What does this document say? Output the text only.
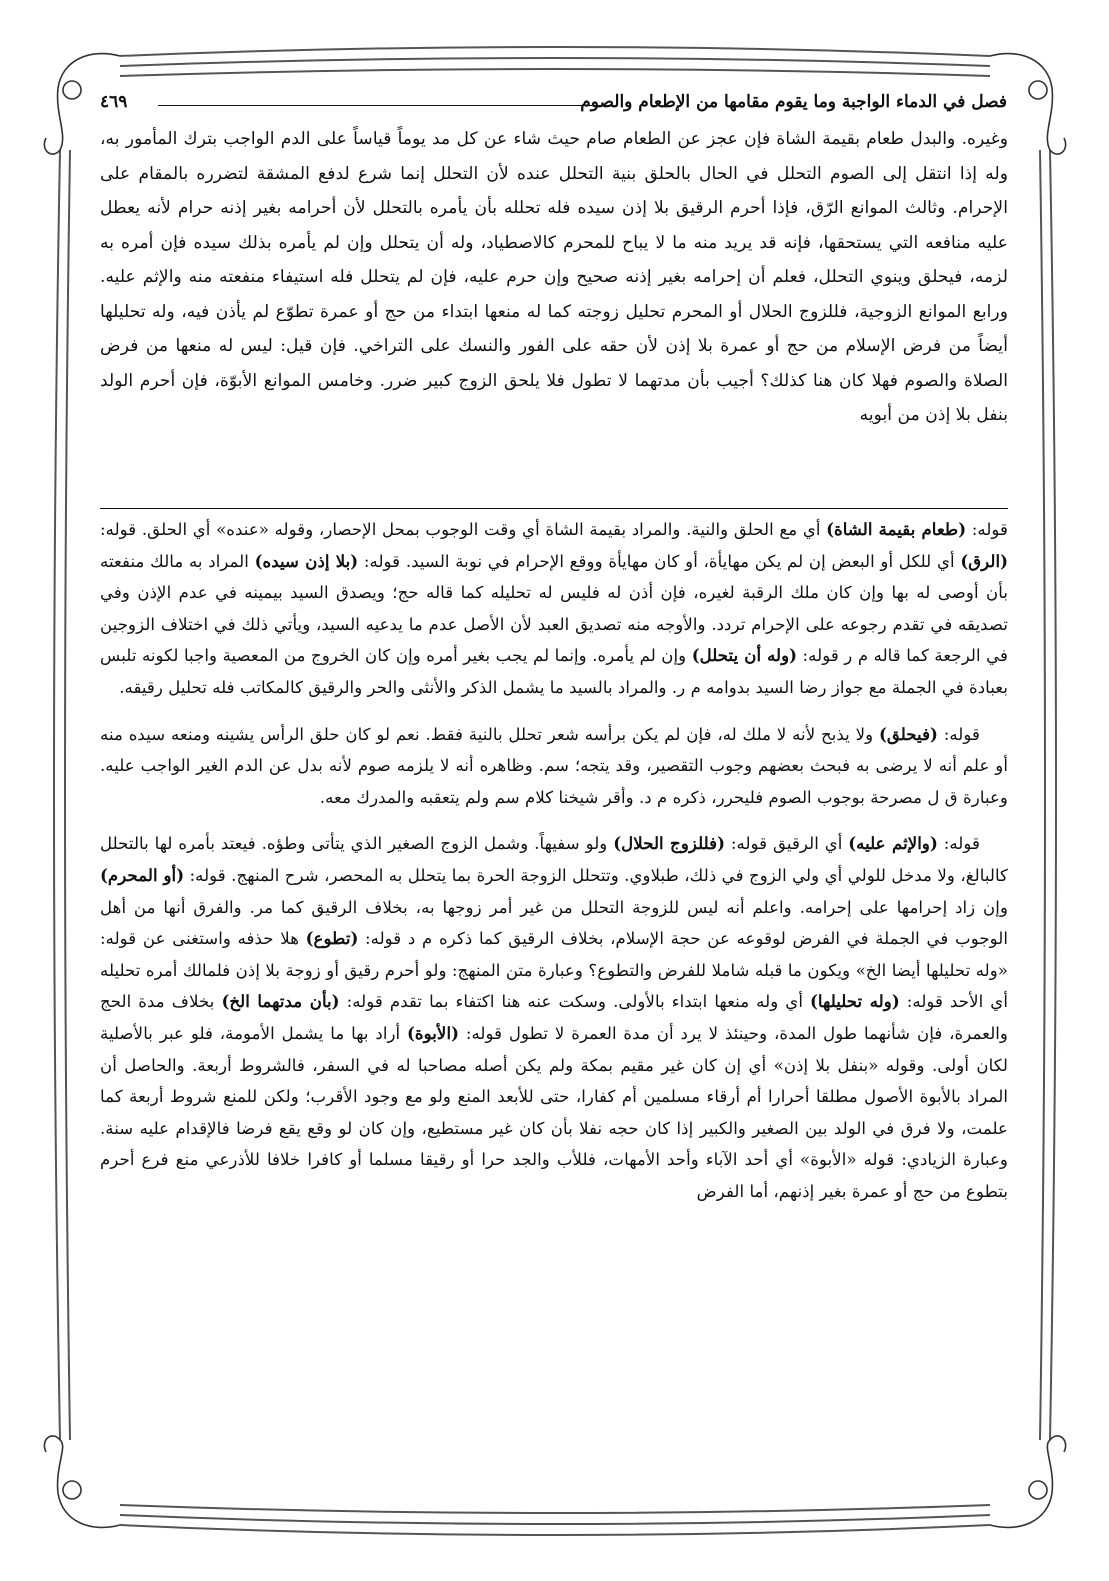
فصل في الدماء الواجبة وما يقوم مقامها من الإطعام والصوم
٤٦٩

وغيره. والبدل طعام بقيمة الشاة فإن عجز عن الطعام صام حيث شاء عن كل مد يوماً قياساً على الدم الواجب بترك المأمور به، وله إذا انتقل إلى الصوم التحلل في الحال بالحلق بنية التحلل عنده لأن التحلل إنما شرع لدفع المشقة لتضرره بالمقام على الإحرام. وثالث الموانع الرّق، فإذا أحرم الرقيق بلا إذن سيده فله تحلله بأن يأمره بالتحلل لأن أحرامه بغير إذنه حرام لأنه يعطل عليه منافعه التي يستحقها، فإنه قد يريد منه ما لا يباح للمحرم كالاصطياد، وله أن يتحلل وإن لم يأمره بذلك سيده فإن أمره به لزمه، فيحلق وينوي التحلل، فعلم أن إحرامه بغير إذنه صحيح وإن حرم عليه، فإن لم يتحلل فله استيفاء منفعته منه والإثم عليه. ورابع الموانع الزوجية، فللزوج الحلال أو المحرم تحليل زوجته كما له منعها ابتداء من حج أو عمرة تطوّع لم يأذن فيه، وله تحليلها أيضاً من فرض الإسلام من حج أو عمرة بلا إذن لأن حقه على الفور والنسك على التراخي. فإن قيل: ليس له منعها من فرض الصلاة والصوم فهلا كان هنا كذلك؟ أجيب بأن مدتهما لا تطول فلا يلحق الزوج كبير ضرر. وخامس الموانع الأبوّة، فإن أحرم الولد بنفل بلا إذن من أبويه

قوله: (طعام بقيمة الشاة) أي مع الحلق والنية. والمراد بقيمة الشاة أي وقت الوجوب بمحل الإحصار، وقوله «عنده» أي الحلق. قوله: (الرق) أي للكل أو البعض إن لم يكن مهايأة، أو كان مهايأة ووقع الإحرام في نوبة السيد. قوله: (بلا إذن سيده) المراد به مالك منفعته بأن أوصى له بها وإن كان ملك الرقبة لغيره، فإن أذن له فليس له تحليله كما قاله حج؛ ويصدق السيد بيمينه في عدم الإذن وفي تصديقه في تقدم رجوعه على الإحرام تردد. والأوجه منه تصديق العبد لأن الأصل عدم ما يدعيه السيد، ويأتي ذلك في اختلاف الزوجين في الرجعة كما قاله م ر قوله: (وله أن يتحلل) وإن لم يأمره. وإنما لم يجب بغير أمره وإن كان الخروج من المعصية واجبا لكونه تلبس بعبادة في الجملة مع جواز رضا السيد بدوامه م ر. والمراد بالسيد ما يشمل الذكر والأنثى والحر والرقيق كالمكاتب فله تحليل رقيقه.

قوله: (فيحلق) ولا يذبح لأنه لا ملك له، فإن لم يكن برأسه شعر تحلل بالنية فقط. نعم لو كان حلق الرأس يشينه ومنعه سيده منه أو علم أنه لا يرضى به فبحث بعضهم وجوب التقصير، وقد يتجه؛ سم. وظاهره أنه لا يلزمه صوم لأنه بدل عن الدم الغير الواجب عليه. وعبارة ق ل مصرحة بوجوب الصوم فليحرر، ذكره م د. وأقر شيخنا كلام سم ولم يتعقبه والمدرك معه.

قوله: (والإثم عليه) أي الرقيق قوله: (فللزوج الحلال) ولو سفيهاً. وشمل الزوج الصغير الذي يتأتى وطؤه. فيعتد بأمره لها بالتحلل كالبالغ، ولا مدخل للولي أي ولي الزوج في ذلك، طبلاوي. وتتحلل الزوجة الحرة بما يتحلل به المحصر، شرح المنهج. قوله: (أو المحرم) وإن زاد إحرامها على إحرامه. واعلم أنه ليس للزوجة التحلل من غير أمر زوجها به، بخلاف الرقيق كما مر. والفرق أنها من أهل الوجوب في الجملة في الفرض لوقوعه عن حجة الإسلام، بخلاف الرقيق كما ذكره م د قوله: (تطوع) هلا حذفه واستغنى عن قوله: «وله تحليلها أيضا الخ» ويكون ما قبله شاملا للفرض والتطوع؟ وعبارة متن المنهج: ولو أحرم رقيق أو زوجة بلا إذن فلمالك أمره تحليله أي الأحد قوله: (وله تحليلها) أي وله منعها ابتداء بالأولى. وسكت عنه هنا اكتفاء بما تقدم قوله: (بأن مدتهما الخ) بخلاف مدة الحج والعمرة، فإن شأنهما طول المدة، وحينئذ لا يرد أن مدة العمرة لا تطول قوله: (الأبوة) أراد بها ما يشمل الأمومة، فلو عبر بالأصلية لكان أولى. وقوله «بنفل بلا إذن» أي إن كان غير مقيم بمكة ولم يكن أصله مصاحبا له في السفر، فالشروط أربعة. والحاصل أن المراد بالأبوة الأصول مطلقا أحرارا أم أرقاء مسلمين أم كفارا، حتى للأبعد المنع ولو مع وجود الأقرب؛ ولكن للمنع شروط أربعة كما علمت، ولا فرق في الولد بين الصغير والكبير إذا كان حجه نفلا بأن كان غير مستطيع، وإن كان لو وقع يقع فرضا فالإقدام عليه سنة. وعبارة الزيادي: قوله «الأبوة» أي أحد الآباء وأحد الأمهات، فللأب والجد حرا أو رقيقا مسلما أو كافرا خلافا للأذرعي منع فرع أحرم بتطوع من حج أو عمرة بغير إذنهم، أما الفرض
